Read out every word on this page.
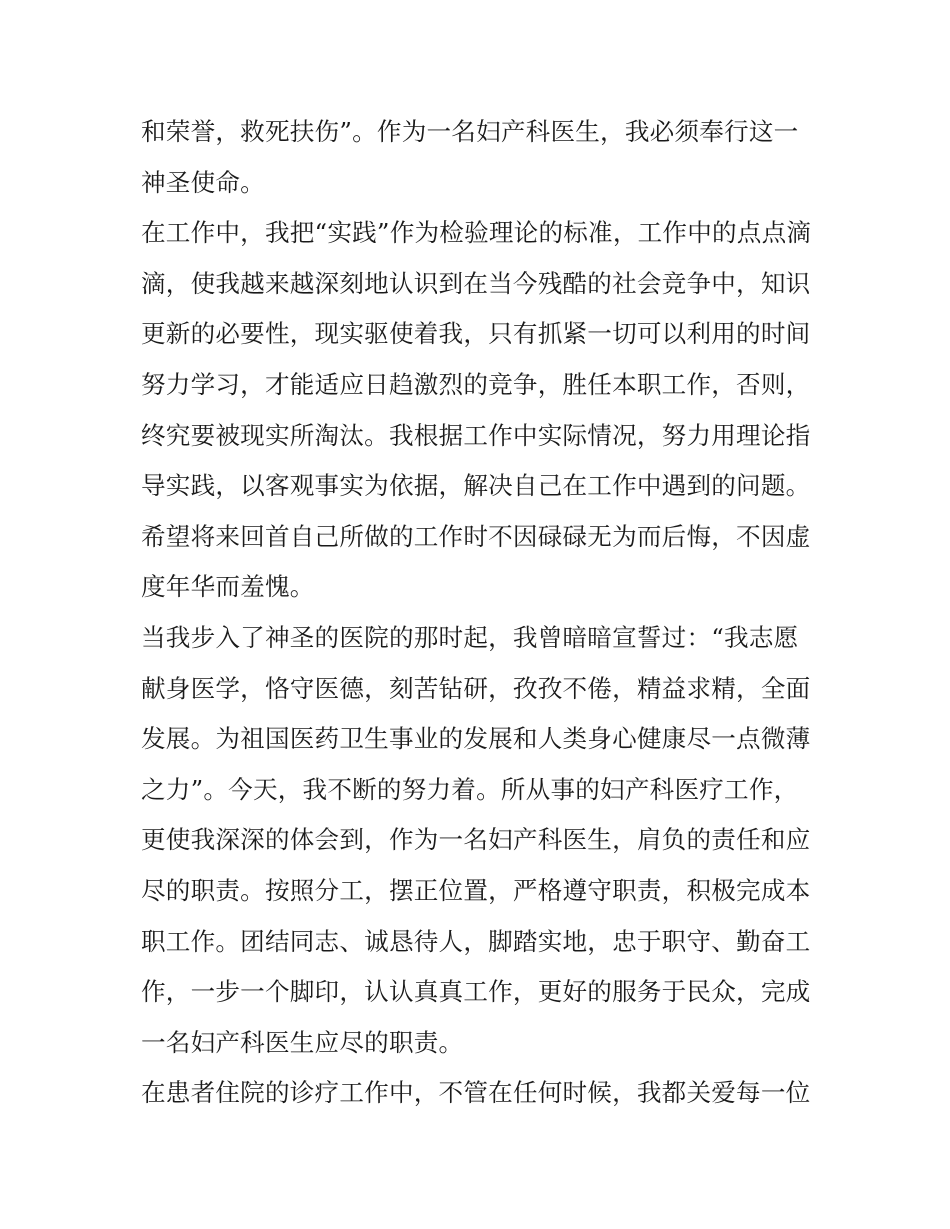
和荣誉，救死扶伤”。作为一名妇产科医生，我必须奉行这一
神圣使命。
在工作中，我把“实践”作为检验理论的标准，工作中的点点滴
滴，使我越来越深刻地认识到在当今残酷的社会竞争中，知识
更新的必要性，现实驱使着我，只有抓紧一切可以利用的时间
努力学习，才能适应日趋激烈的竞争，胜任本职工作，否则，
终究要被现实所淘汰。我根据工作中实际情况，努力用理论指
导实践，以客观事实为依据，解决自己在工作中遇到的问题。
希望将来回首自己所做的工作时不因碌碌无为而后悔，不因虚
度年华而羞愧。
当我步入了神圣的医院的那时起，我曾暗暗宣誓过：“我志愿
献身医学，恪守医德，刻苦钻研，孜孜不倦，精益求精，全面
发展。为祖国医药卫生事业的发展和人类身心健康尽一点微薄
之力”。今天，我不断的努力着。所从事的妇产科医疗工作，
更使我深深的体会到，作为一名妇产科医生，肩负的责任和应
尽的职责。按照分工，摆正位置，严格遵守职责，积极完成本
职工作。团结同志、诚恳待人，脚踏实地，忠于职守、勤奋工
作，一步一个脚印，认认真真工作，更好的服务于民众，完成
一名妇产科医生应尽的职责。
在患者住院的诊疗工作中，不管在任何时候，我都关爱每一位
